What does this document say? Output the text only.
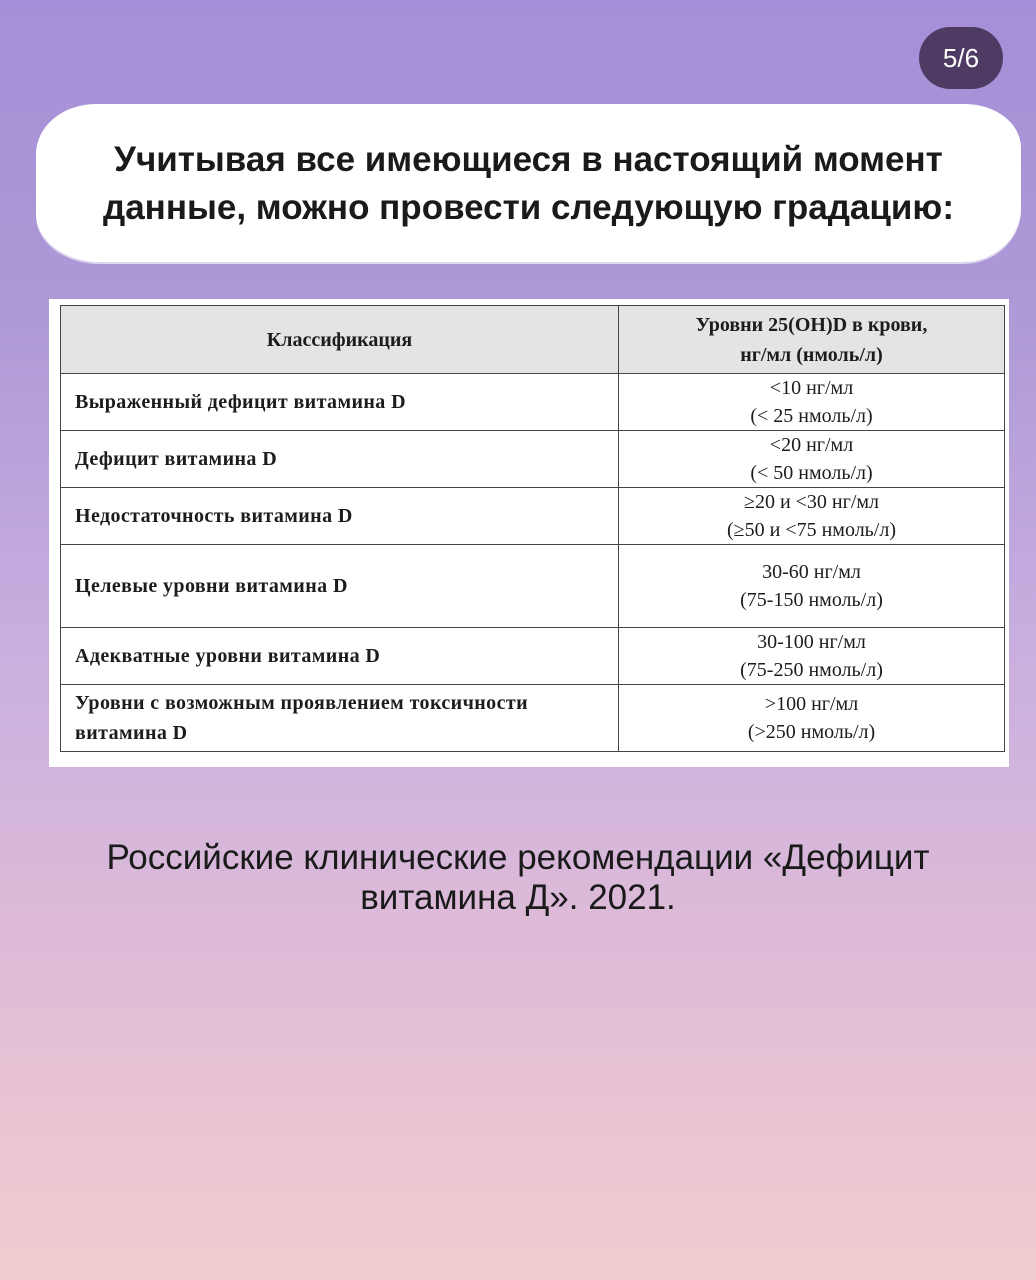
5/6
Учитывая все имеющиеся в настоящий момент
данные, можно провести следующую градацию:
Классификация	Уровни 25(OH)D в крови,
нг/мл (нмоль/л)

Выраженный дефицит витамина D	<10 нг/мл
(< 25 нмоль/л)

Дефицит витамина D	<20 нг/мл
(< 50 нмоль/л)

Недостаточность витамина D	≥20 и <30 нг/мл
(≥50 и <75 нмоль/л)

Целевые уровни витамина D	30-60 нг/мл
(75-150 нмоль/л)

Адекватные уровни витамина D	30-100 нг/мл
(75-250 нмоль/л)

Уровни с возможным проявлением токсичности витамина D	>100 нг/мл
(>250 нмоль/л)

Российские клинические рекомендации «Дефицит
витамина Д». 2021.
